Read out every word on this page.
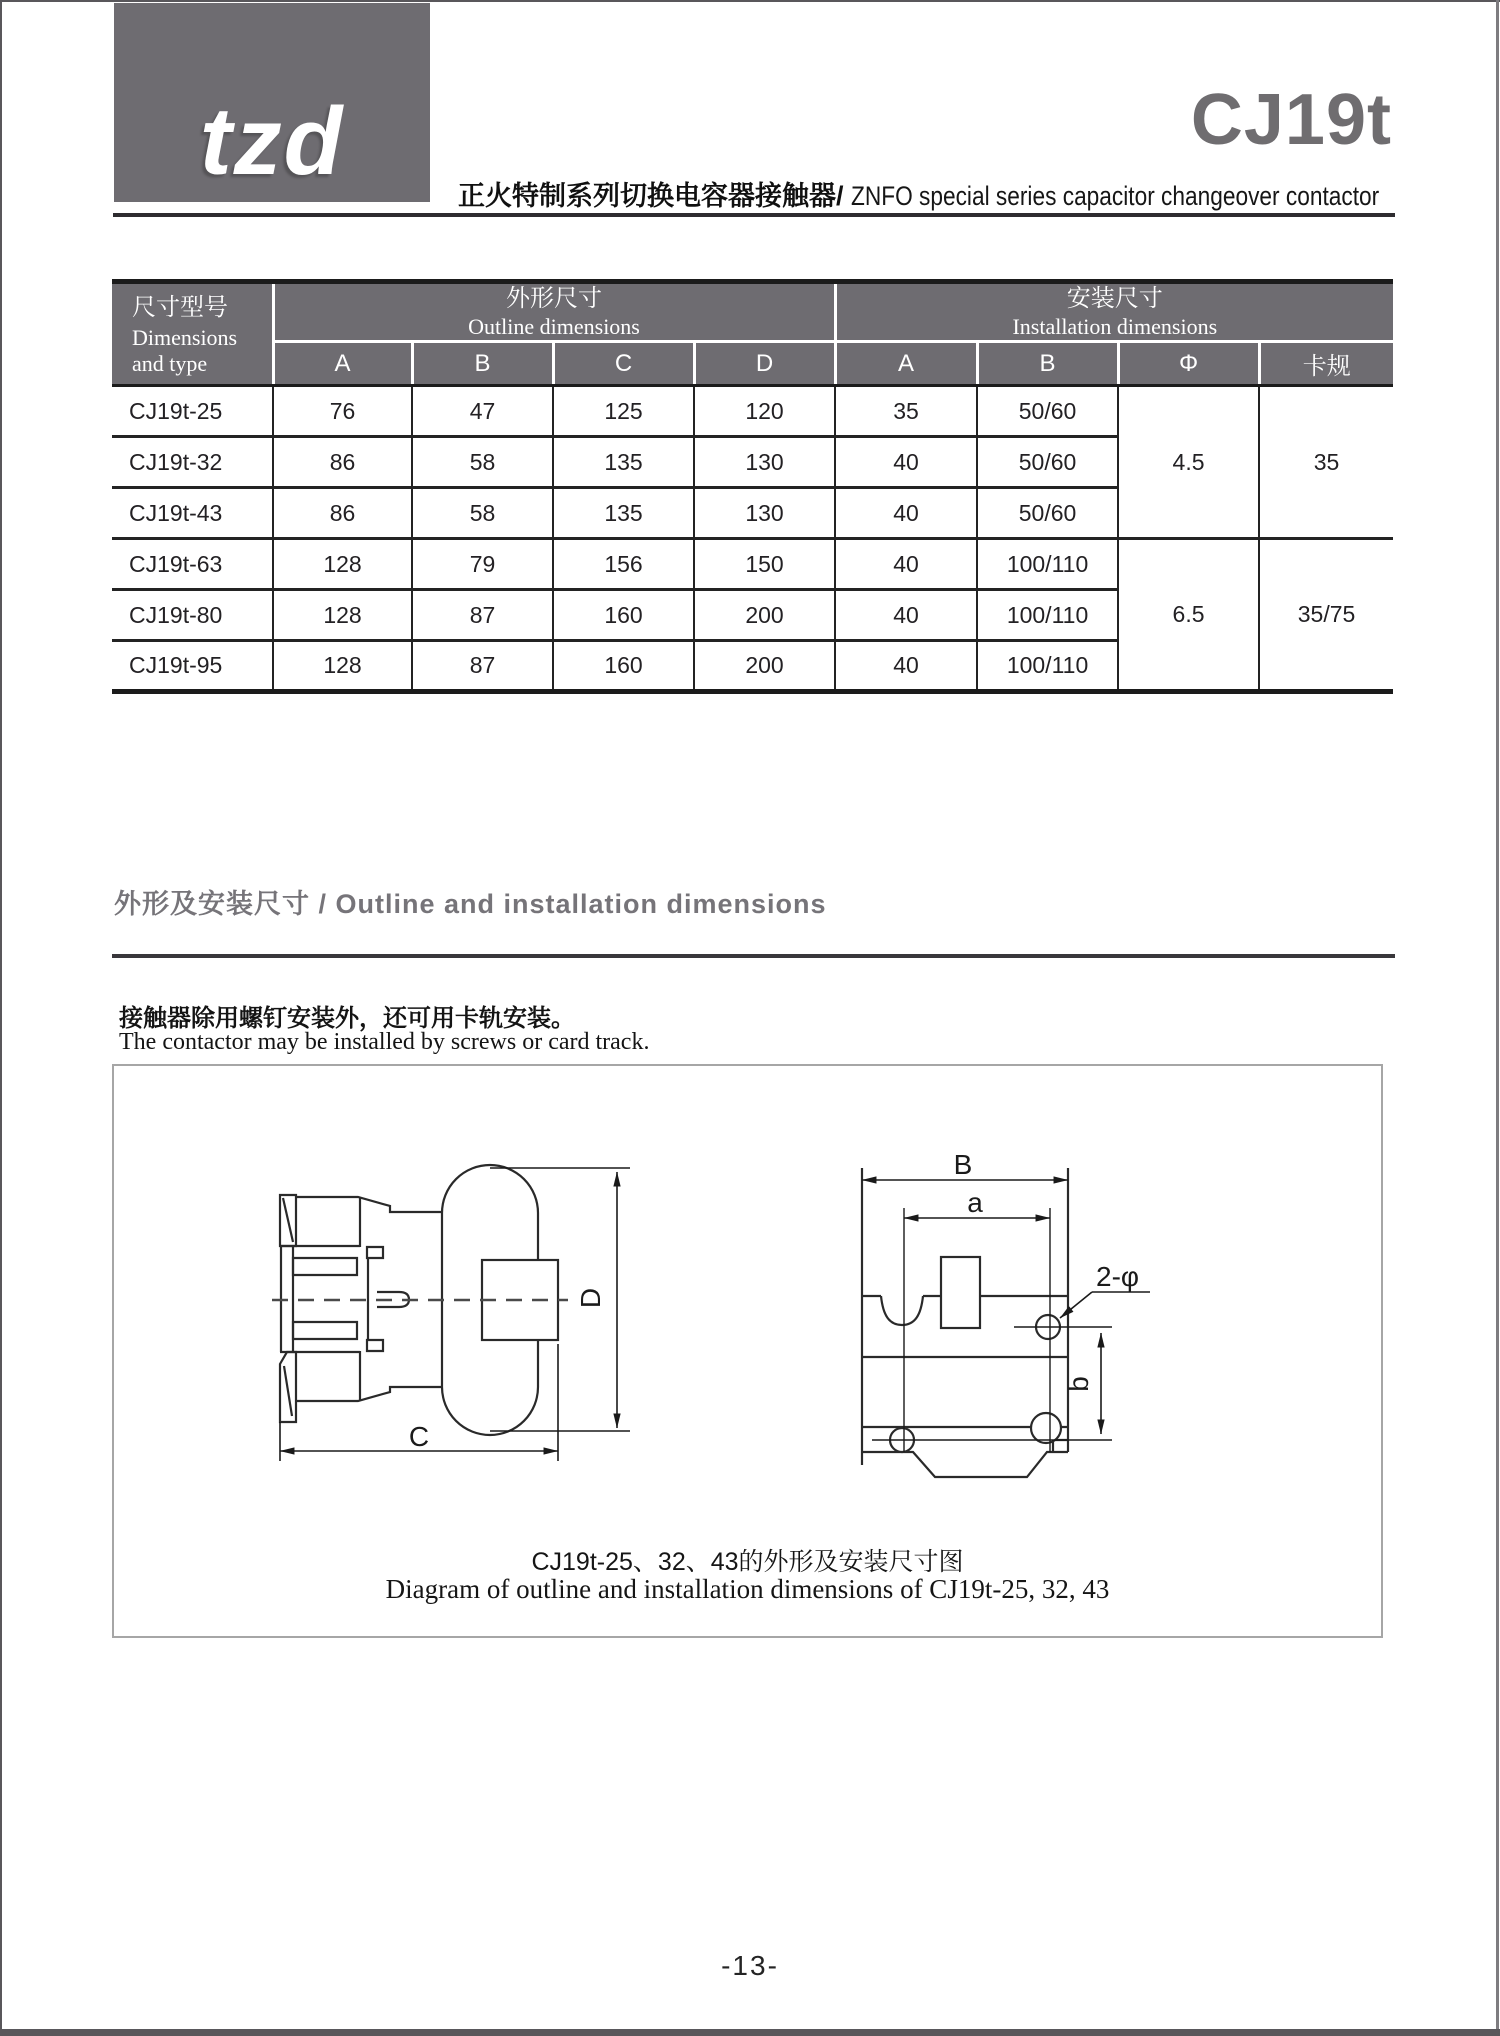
tzd	CJ19t
正火特制系列切换电容器接触器/ ZNFO special series capacitor changeover contactor
尺寸型号
Dimensions
and type

外形尺寸
Outline dimensions

安装尺寸
Installation dimensions

	A	B	C	D	A	B	Φ	卡规
CJ19t-25	76	47	125	120	35	50/60	4.5	35
CJ19t-32	86	58	135	130	40	50/60		
CJ19t-43	86	58	135	130	40	50/60		
CJ19t-63	128	79	156	150	40	100/110	6.5	35/75
CJ19t-80	128	87	160	200	40	100/110		
CJ19t-95	128	87	160	200	40	100/110		
外形及安装尺寸 / Outline and installation dimensions
接触器除用螺钉安装外，还可用卡轨安装。
The contactor may be installed by screws or card track.
D
C
B
a
2-φ
b
CJ19t-25、32、43的外形及安装尺寸图
Diagram of outline and installation dimensions of CJ19t-25, 32, 43
-13-
